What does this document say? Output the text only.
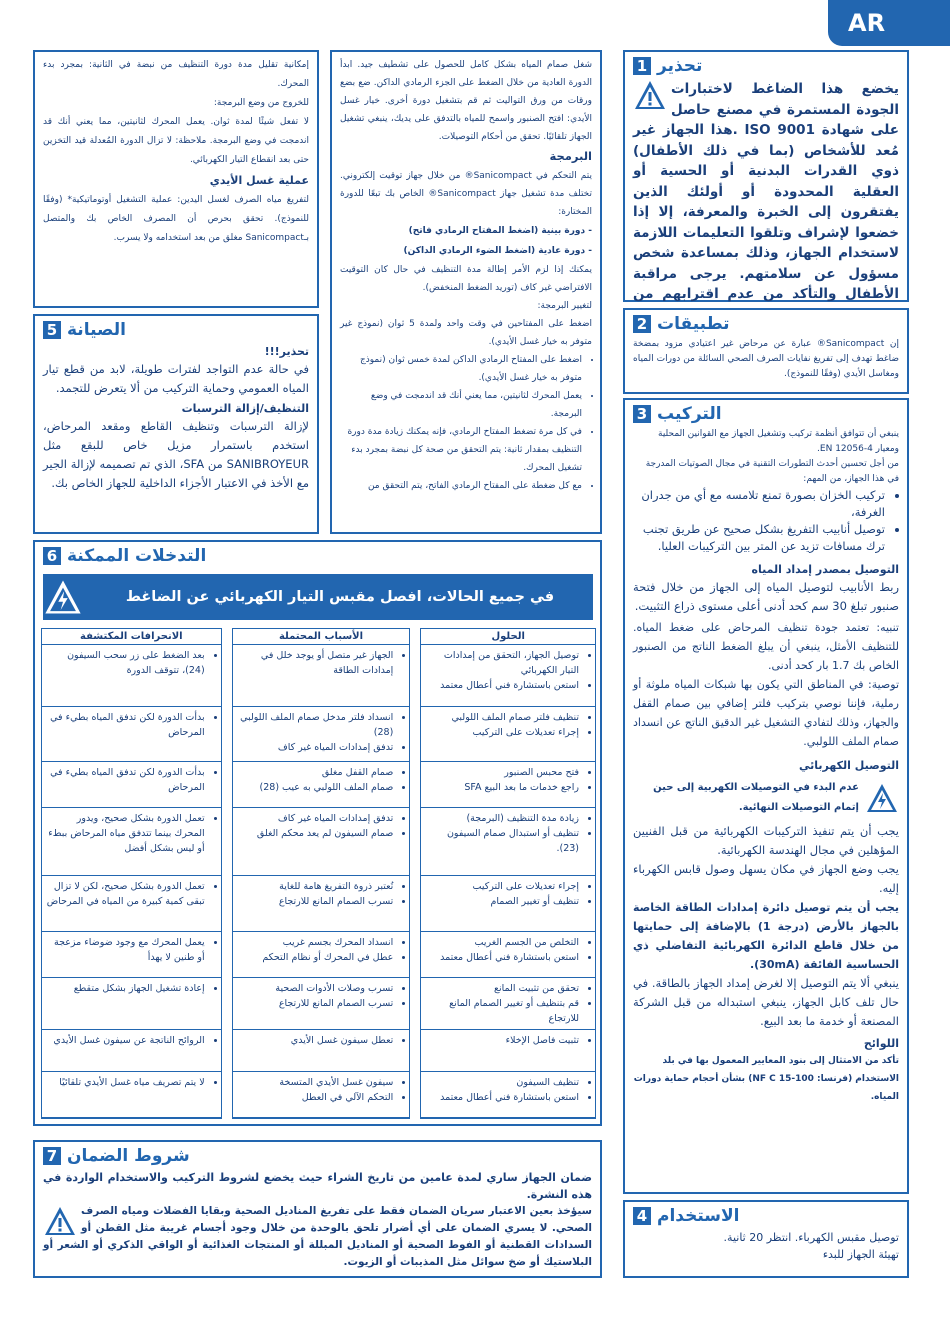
AR
1 تحذير
يخضع هذا الضاغط لاختبارات الجودة المستمرة في مصنع حاصل على شهادة ISO 9001 .هذا الجهاز غير مُعد للأشخاص (بما في ذلك الأطفال) ذوي القدرات البدنية أو الحسية أو العقلية المحدودة أو أولئك الذين يفتقرون إلى الخبرة والمعرفة، إلا إذا خضعوا لإشراف وتلقوا التعليمات اللازمة لاستخدام الجهاز، وذلك بمساعدة شخص مسؤول عن سلامتهم. يرجى مراقبة الأطفال والتأكد من عدم اقترابهم من
2 تطبيقات
إن Sanicompact® عبارة عن مرحاض غير اعتيادي مزود بمضخة ضاغط تهدف إلى تفريغ نفايات الصرف الصحي السائلة من دورات المياه ومغاسل الأيدي (وفقًا للنموذج).
3 التركيب
ينبغي أن تتوافق أنظمة تركيب وتشغيل الجهاز مع القوانين المحلية ومعيار EN 12056-4.
من أجل تحسين أحدث التطورات التقنية في مجال الصوتيات المدرجة في هذا الجهاز، من المهم:
• تركيب الخزان بصورة تمنع تلامسه مع أي من جدران الغرفة،
• توصيل أنابيب التفريغ بشكل صحيح عن طريق تجنب ترك مسافات تزيد عن المتر بين التركيبات العليا.
التوصيل بمصدر إمداد المياه
ربط الأنابيب لتوصيل المياه إلى الجهاز من خلال فتحة صنبور تبلغ 30 سم كحد أدنى أعلى مستوى ذراع التثبيت.
تنبيه: تعتمد جودة تنظيف المرحاض على ضغط المياه. للتنظيف الأمثل، ينبغي أن يبلغ الضغط الناتج من الصنبور الخاص بك 1.7 بار كحد أدنى.
توصية: في المناطق التي يكون بها شبكات المياه ملوثة أو رملية، فإننا نوصي بتركيب فلتر إضافي بين صمام القفل والجهاز، وذلك لتفادي التشغيل غير الدقيق الناتج عن انسداد صمام الملف اللولبي.
التوصيل الكهربائي
عدم البدء في التوصيلات الكهربية إلى حين إتمام التوصيلات النهائية.
يجب أن يتم تنفيذ التركيبات الكهربائية من قبل الفنيين المؤهلين في مجال الهندسة الكهربائية.
يجب وضع الجهاز في مكان يسهل وصول قابس الكهرباء إليه.
يجب أن يتم توصيل دائرة إمدادات الطاقة الخاصة بالجهاز بالأرض (درجة 1) بالإضافة إلى حمايتها من خلال قاطع الدائرة الكهربائية التفاضلي ذي الحساسية الفائقة (30mA).
ينبغي ألا يتم التوصيل إلا لغرض إمداد الجهاز بالطاقة. في حال تلف كابل الجهاز، ينبغي استبداله من قبل الشركة المصنعة أو خدمة ما بعد البيع.
اللوائح
تأكد من الامتثال إلى بنود المعايير المعمول بها في بلد الاستخدام (فرنسا: NF C 15-100) بشأن أحجام حماية دورات المياه.
4 الاستخدام
توصيل مقبس الكهرباء. انتظر 20 ثانية.
تهيئة الجهاز للبدء
شغل صمام المياه بشكل كامل للحصول على تشطيف جيد. ابدأ الدورة العادية من خلال الضغط على الجزء الرمادي الداكن. ضع بضع ورقات من ورق التواليت ثم قم بتشغيل دورة أخرى. خيار غسل الأيدي: افتح الصنبور واسمح للمياه بالتدفق على يديك، ينبغي تشغيل الجهاز تلقائيًا. تحقق من أحكام التوصيلات.
البرمجة
يتم التحكم في Sanicompact® من خلال جهاز توقيت إلكتروني. تختلف مدة تشغيل جهاز Sanicompact® الخاص بك تبعًا للدورة المختارة:
- دورة بينية (اضغط المفتاح الرمادي فاتح)
- دورة عادية (اضغط الضوء الرمادي الداكن)
يمكنك إذا لزم الأمر إطالة مدة التنظيف في حال كان التوقيت الافتراضي غير كاف (توريد الضغط المنخفض).
لتغيير البرمجة:
اضغط على المفتاحين في وقت واحد ولمدة 5 ثوان (نموذج غير متوفر به خيار غسل الأيدي).
• اضغط على المفتاح الرمادي الداكن لمدة خمس ثوان (نموذج متوفر به خيار غسل الأيدي).
• يعمل المحرك لثانيتين، مما يعني أنك قد اندمجت في وضع البرمجة.
• في كل مرة تضغط المفتاح الرمادي، فإنه يمكنك زيادة مدة دورة التنظيف بمقدار ثانية: يتم التحقق من صحة كل نبضة بمجرد بدء تشغيل المحرك.
• مع كل ضغطة على المفتاح الرمادي الفاتح، يتم التحقق من
إمكانية تقليل مدة دورة التنظيف من نبضة في الثانية: بمجرد بدء المحرك.
للخروج من وضع البرمجة:
لا تفعل شيئًا لمدة ثوان. يعمل المحرك لثانيتين، مما يعني أنك قد اندمجت في وضع البرمجة. ملاحظة: لا تزال الدورة المُعدلة قيد التخزين حتى بعد انقطاع التيار الكهربائي.
عملية غسل الأيدي
لتفريغ مياه الصرف لغسل اليدين: عملية التشغيل أوتوماتيكية* (وفقًا للنموذج). تحقق بحرص أن المصرف الخاص بك والمتصل بـSanicompact مغلق من بعد استخدامه ولا يسرب.
5 الصيانة
تحذير!!!
في حالة عدم التواجد لفترات طويلة، لابد من قطع تيار المياه العمومي وحماية التركيب من ألا يتعرض للتجمد.
التنظيف/إزالة الترسبات
لإزالة الترسبات وتنظيف القاطع ومقعد المرحاض، استخدم باستمرار مزيل خاص للبقع مثل SANIBROYEUR من SFA، الذي تم تصميمه لإزالة الجير مع الأخذ في الاعتبار الأجزاء الداخلية للجهاز الخاص بك.
6 التدخلات الممكنة
في جميع الحالات، افصل مقبس التيار الكهربائي عن الضاغط
الانحرافات المكتشفة
• بعد الضغط على زر سحب السيفون (24)، تتوقف الدورة
• بدأت الدورة لكن تدفق المياه بطيء في المرحاض
• بدأت الدورة لكن تدفق المياه بطيء في المرحاض
• تعمل الدورة بشكل صحيح، ويدور المحرك بينما تتدفق مياه المرحاض ببطء أو ليس بشكل أفضل
• تعمل الدورة بشكل صحيح، لكن لا تزال تبقى كمية كبيرة من المياه في المرحاض
• يعمل المحرك مع وجود ضوضاء مزعجة أو طنين لا يهدأ
• إعادة تشغيل الجهاز بشكل متقطع
• الروائح الناتجة عن سيفون غسل الأيدي
• لا يتم تصريف مياه غسل الأيدي تلقائيًا
الأسباب المحتملة
• الجهاز غير متصل أو يوجد خلل في إمدادات الطاقة
• انسداد فلتر مدخل صمام الملف اللولبي (28)
• تدفق إمدادات المياه غير كاف
• صمام القفل مغلق
• صمام الملف اللولبي به عيب (28)
• تدفق إمدادات المياه غير كاف
• صمام السيفون لم يعد محكم الغلق
• تُعتبر ذروة التفريغ هامة للغاية
• تسرب الصمام المانع للارتجاع
• انسداد المحرك بجسم غريب
• عطل في المحرك أو نظام التحكم
• تسرب وصلات الأدوات الصحية
• تسرب الصمام المانع للارتجاع
• تعطل سيفون غسل الأيدي
• سيفون غسل الأيدي المتسخة
• التحكم الآلي في العطل
الحلول
• توصيل الجهاز، التحقق من إمدادات التيار الكهربائي
• استعن باستشارة فني أعطال معتمد
• تنظيف فلتر صمام الملف اللولبي
• إجراء تعديلات على التركيب
• فتح محبس الصنبور
• راجع خدمات ما بعد البيع SFA
• زيادة مدة التنظيف (البرمجة)
• تنظيف أو استبدال صمام السيفون (23).
• إجراء تعديلات على التركيب
• تنظيف أو تغيير الصمام
• التخلص من الجسم الغريب
• استعن باستشارة فني أعطال معتمد
• تحقق من تثبيت المانع
• قم بتنظيف أو تغيير الصمام المانع للارتجاع
• تثبيت فاصل الإخلاء
• تنظيف السيفون
• استعن باستشارة فني أعطال معتمد
7 شروط الضمان
ضمان الجهاز ساري لمدة عامين من تاريخ الشراء حيث يخضع لشروط التركيب والاستخدام الواردة في هذه النشرة.
سيؤخذ بعين الاعتبار سريان الضمان فقط على تفريغ المناديل الصحية وبقايا الفضلات ومياه الصرف الصحي. لا يسري الضمان على أي أضرار تلحق بالوحدة من خلال وجود أجسام غريبة مثل القطن أو السدادات القطنية أو الفوط الصحية أو المناديل المبللة أو المنتجات الغذائية أو الواقي الذكري أو الشعر أو البلاستيك أو ضخ سوائل مثل المذيبات أو الزيوت.
